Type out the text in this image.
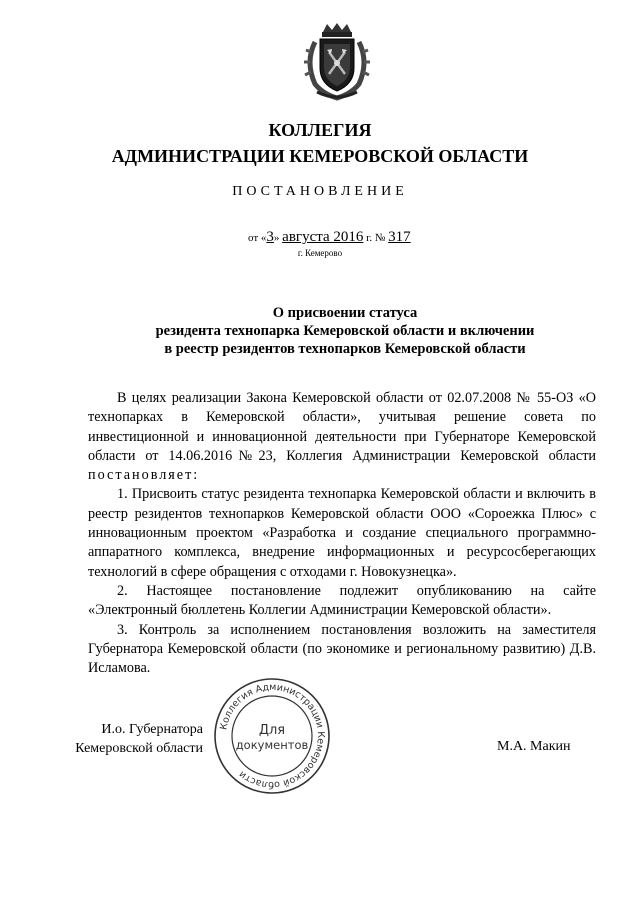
КОЛЛЕГИЯ
АДМИНИСТРАЦИИ КЕМЕРОВСКОЙ ОБЛАСТИ
ПОСТАНОВЛЕНИЕ
от «3» августа 2016 г. № 317
г. Кемерово
О присвоении статуса
резидента технопарка Кемеровской области и включении
в реестр резидентов технопарков Кемеровской области

В целях реализации Закона Кемеровской области от 02.07.2008 № 55-ОЗ «О технопарках в Кемеровской области», учитывая решение совета по инвестиционной и инновационной деятельности при Губернаторе Кемеровской области от 14.06.2016№23, Коллегия Администрации Кемеровской области постановляет:

1. Присвоить статус резидента технопарка Кемеровской области и включить в реестр резидентов технопарков Кемеровской области ООО «Сороежка Плюс» с инновационным проектом «Разработка и создание специального программно-аппаратного комплекса, внедрение информационных и ресурсосберегающих технологий в сфере обращения с отходами г. Новокузнецка».

2. Настоящее постановление подлежит опубликованию на сайте «Электронный бюллетень Коллегии Администрации Кемеровской области».

3. Контроль за исполнением постановления возложить на заместителя Губернатора Кемеровской области (по экономике и региональному развитию) Д.В. Исламова.

И.о. Губернатора
Кемеровской области	М.А. Макин
Коллегия Администрации Кемеровской области
Для
документов
